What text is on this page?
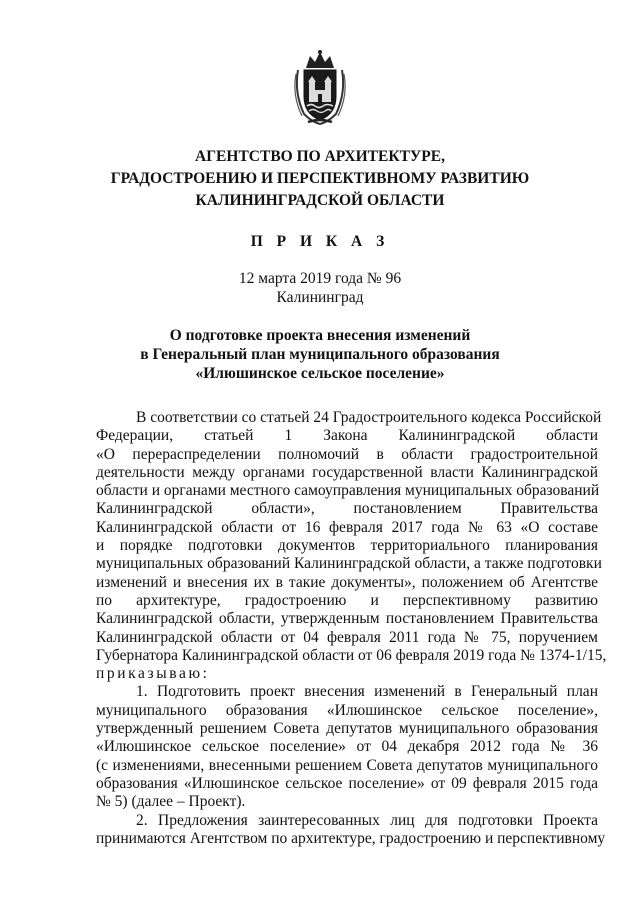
АГЕНТСТВО ПО АРХИТЕКТУРЕ,
ГРАДОСТРОЕНИЮ И ПЕРСПЕКТИВНОМУ РАЗВИТИЮ
КАЛИНИНГРАДСКОЙ ОБЛАСТИ
П Р И К А З
12 марта 2019 года № 96
Калининград
О подготовке проекта внесения изменений
в Генеральный план муниципального образования
«Илюшинское сельское поселение»
В соответствии со статьей 24 Градостроительного кодекса Российской
Федерации, статьей 1 Закона Калининградской области
«О перераспределении полномочий в области градостроительной
деятельности между органами государственной власти Калининградской
области и органами местного самоуправления муниципальных образований
Калининградской области», постановлением Правительства
Калининградской области от 16 февраля 2017 года № 63 «О составе
и порядке подготовки документов территориального планирования
муниципальных образований Калининградской области, а также подготовки
изменений и внесения их в такие документы», положением об Агентстве
по архитектуре, градостроению и перспективному развитию
Калининградской области, утвержденным постановлением Правительства
Калининградской области от 04 февраля 2011 года № 75, поручением
Губернатора Калининградской области от 06 февраля 2019 года № 1374-1/15,
приказываю:
1. Подготовить проект внесения изменений в Генеральный план
муниципального образования «Илюшинское сельское поселение»,
утвержденный решением Совета депутатов муниципального образования
«Илюшинское сельское поселение» от 04 декабря 2012 года № 36
(с изменениями, внесенными решением Совета депутатов муниципального
образования «Илюшинское сельское поселение» от 09 февраля 2015 года
№ 5) (далее – Проект).
2. Предложения заинтересованных лиц для подготовки Проекта
принимаются Агентством по архитектуре, градостроению и перспективному
